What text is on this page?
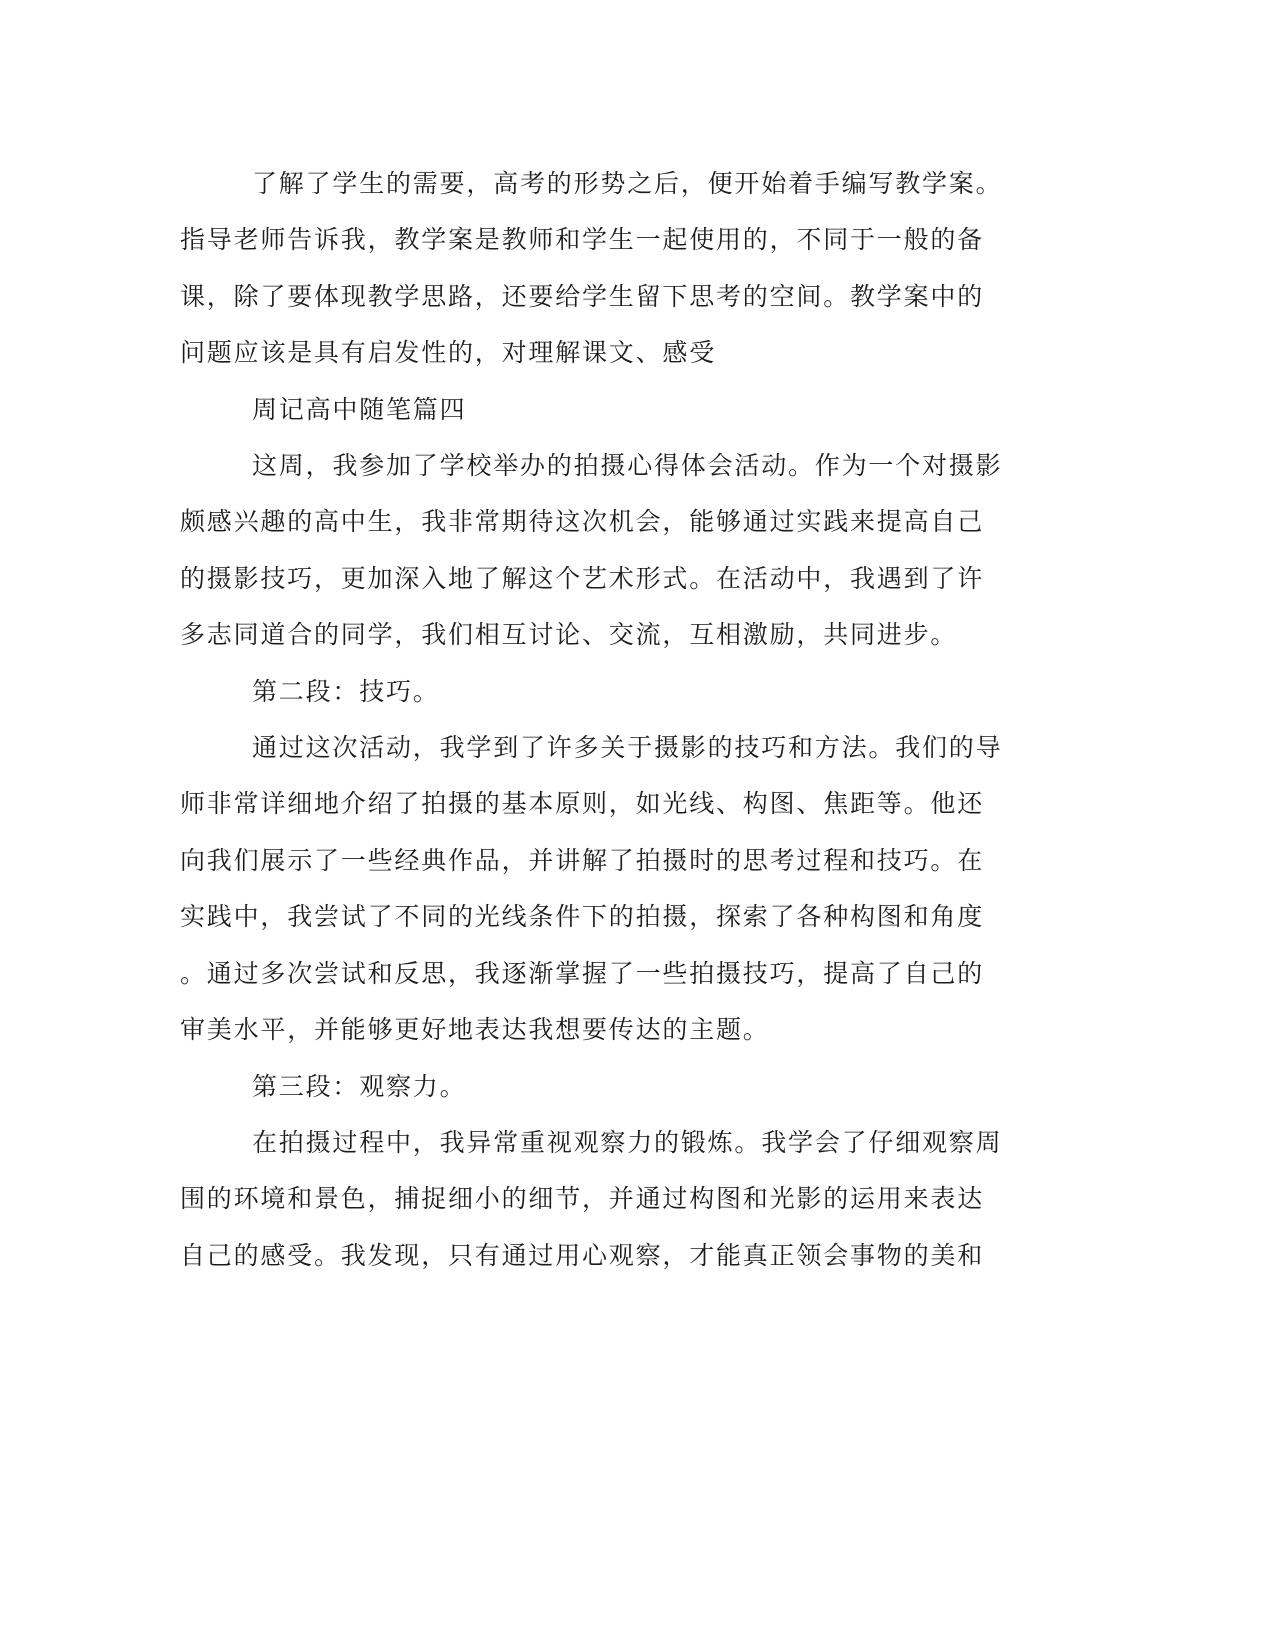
了解了学生的需要，高考的形势之后，便开始着手编写教学案。
指导老师告诉我，教学案是教师和学生一起使用的，不同于一般的备
课，除了要体现教学思路，还要给学生留下思考的空间。教学案中的
问题应该是具有启发性的，对理解课文、感受
周记高中随笔篇四
这周，我参加了学校举办的拍摄心得体会活动。作为一个对摄影
颇感兴趣的高中生，我非常期待这次机会，能够通过实践来提高自己
的摄影技巧，更加深入地了解这个艺术形式。在活动中，我遇到了许
多志同道合的同学，我们相互讨论、交流，互相激励，共同进步。
第二段：技巧。
通过这次活动，我学到了许多关于摄影的技巧和方法。我们的导
师非常详细地介绍了拍摄的基本原则，如光线、构图、焦距等。他还
向我们展示了一些经典作品，并讲解了拍摄时的思考过程和技巧。在
实践中，我尝试了不同的光线条件下的拍摄，探索了各种构图和角度
。通过多次尝试和反思，我逐渐掌握了一些拍摄技巧，提高了自己的
审美水平，并能够更好地表达我想要传达的主题。
第三段：观察力。
在拍摄过程中，我异常重视观察力的锻炼。我学会了仔细观察周
围的环境和景色，捕捉细小的细节，并通过构图和光影的运用来表达
自己的感受。我发现，只有通过用心观察，才能真正领会事物的美和
